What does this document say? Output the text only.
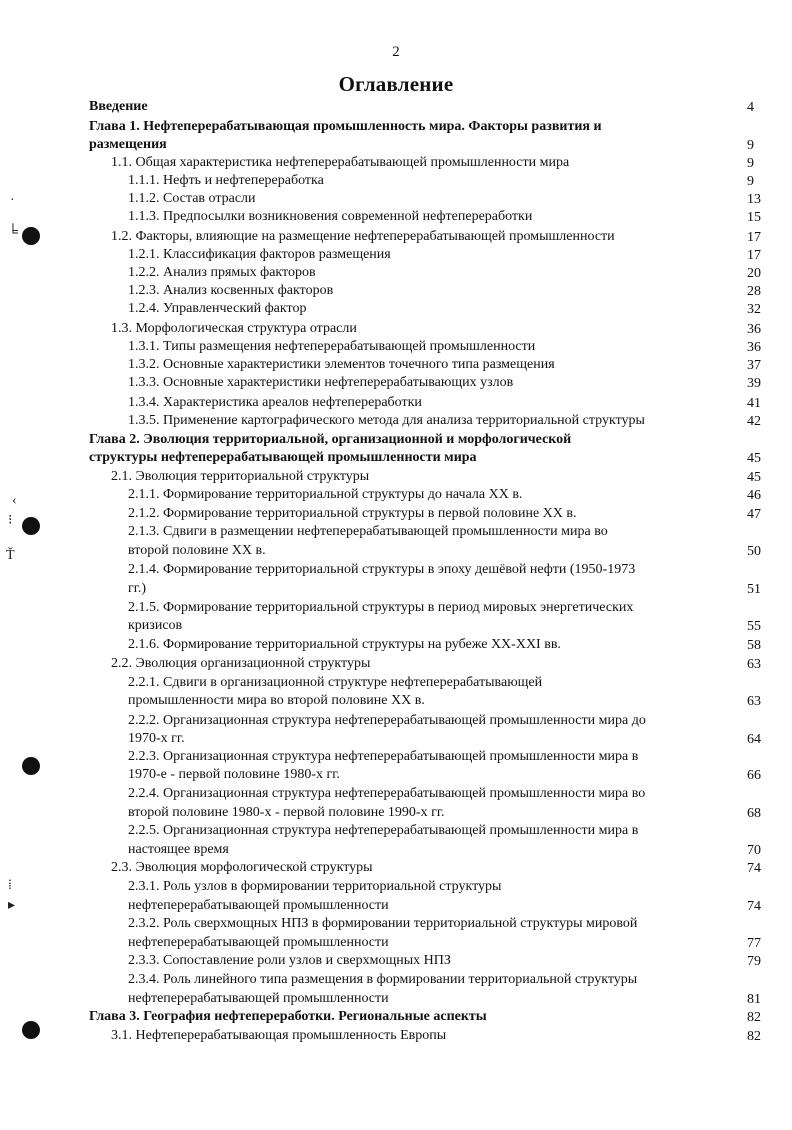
2
Оглавление
Введение	4
Глава 1. Нефтеперерабатывающая промышленность мира. Факторы развития и
размещения	9
1.1. Общая характеристика нефтеперерабатывающей промышленности мира	9
1.1.1. Нефть и нефтепереработка	9
1.1.2. Состав отрасли	13
1.1.3. Предпосылки возникновения современной нефтепереработки	15
1.2. Факторы, влияющие на размещение нефтеперерабатывающей промышленности	17
1.2.1. Классификация факторов размещения	17
1.2.2. Анализ прямых факторов	20
1.2.3. Анализ косвенных факторов	28
1.2.4. Управленческий фактор	32
1.3. Морфологическая структура отрасли	36
1.3.1. Типы размещения нефтеперерабатывающей промышленности	36
1.3.2. Основные характеристики элементов точечного типа размещения	37
1.3.3. Основные характеристики нефтеперерабатывающих узлов	39
1.3.4. Характеристика ареалов нефтепереработки	41
1.3.5. Применение картографического метода для анализа территориальной структуры	42
Глава 2. Эволюция территориальной, организационной и морфологической
структуры нефтеперерабатывающей промышленности мира	45
2.1. Эволюция территориальной структуры	45
2.1.1. Формирование территориальной структуры до начала XX в.	46
2.1.2. Формирование территориальной структуры в первой половине XX в.	47
2.1.3. Сдвиги в размещении нефтеперерабатывающей промышленности мира во
второй половине XX в.	50
2.1.4. Формирование территориальной структуры в эпоху дешёвой нефти (1950-1973
гг.)	51
2.1.5. Формирование территориальной структуры в период мировых энергетических
кризисов	55
2.1.6. Формирование территориальной структуры на рубеже XX-XXI вв.	58
2.2. Эволюция организационной структуры	63
2.2.1. Сдвиги в организационной структуре нефтеперерабатывающей
промышленности мира во второй половине XX в.	63
2.2.2. Организационная структура нефтеперерабатывающей промышленности мира до
1970-х гг.	64
2.2.3. Организационная структура нефтеперерабатывающей промышленности мира в
1970-е - первой половине 1980-х гг.	66
2.2.4. Организационная структура нефтеперерабатывающей промышленности мира во
второй половине 1980-х - первой половине 1990-х гг.	68
2.2.5. Организационная структура нефтеперерабатывающей промышленности мира в
настоящее время	70
2.3. Эволюция морфологической структуры	74
2.3.1. Роль узлов в формировании территориальной структуры
нефтеперерабатывающей промышленности	74
2.3.2. Роль сверхмощных НПЗ в формировании территориальной структуры мировой
нефтеперерабатывающей промышленности	77
2.3.3. Сопоставление роли узлов и сверхмощных НПЗ	79
2.3.4. Роль линейного типа размещения в формировании территориальной структуры
нефтеперерабатывающей промышленности	81
Глава 3. География нефтепереработки. Региональные аспекты	82
3.1. Нефтеперерабатывающая промышленность Европы	82
·
╘
‹
⁝
Ť
⁞
▸
